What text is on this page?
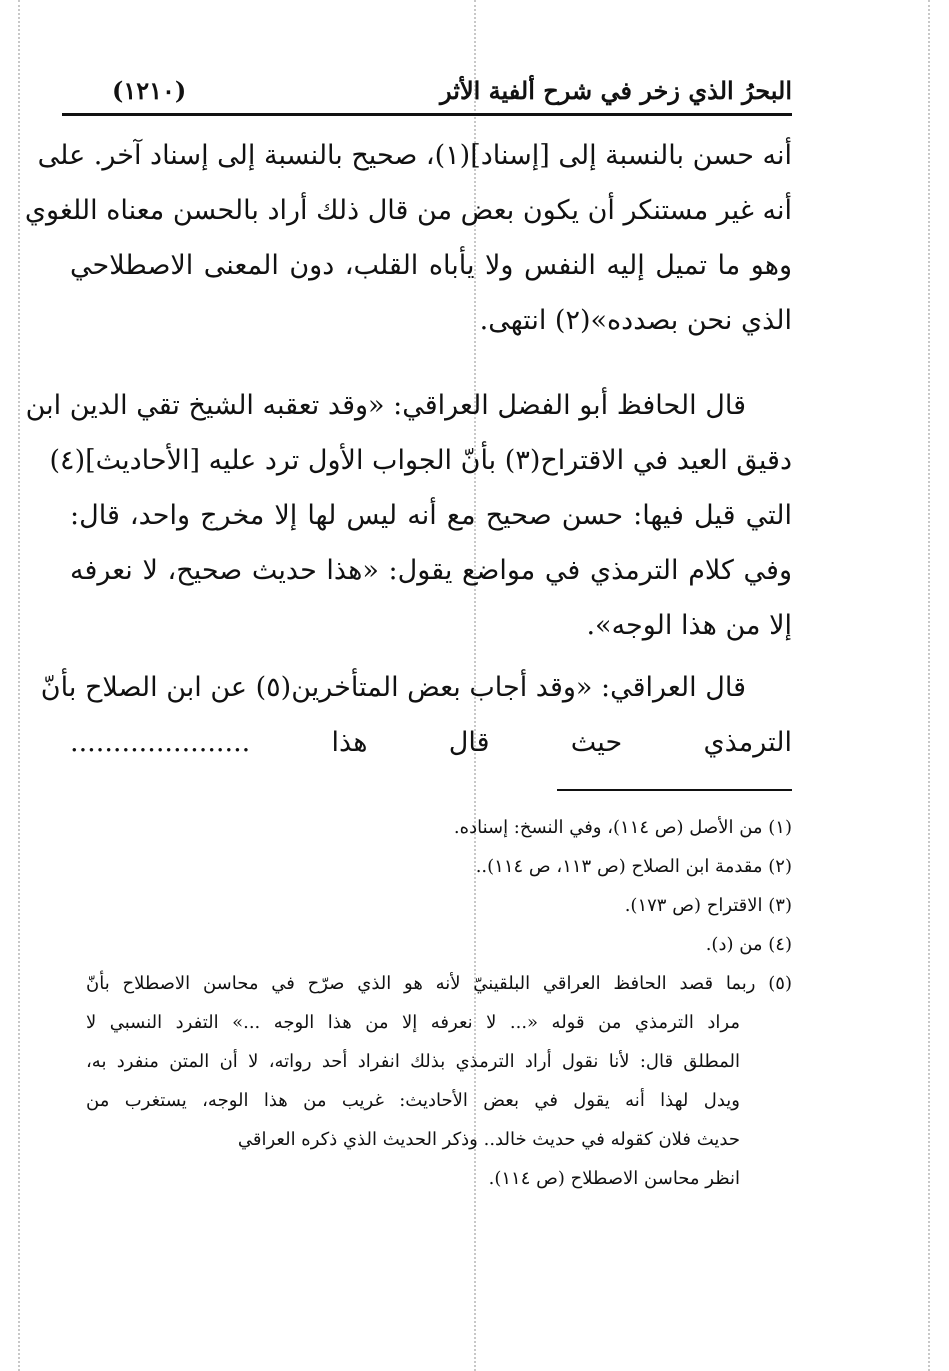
البحرُ الذي زخر في شرح ألفية الأثر
(١٢١٠)
أنه حسن بالنسبة إلى [إسناد](١)، صحيح بالنسبة إلى إسناد آخر. على
أنه غير مستنكر أن يكون بعض من قال ذلك أراد بالحسن معناه اللغوي
وهو ما تميل إليه النفس ولا يأباه القلب، دون المعنى الاصطلاحي
الذي نحن بصدده»(٢) انتهى.
قال الحافظ أبو الفضل العراقي: «وقد تعقبه الشيخ تقي الدين ابن
دقيق العيد في الاقتراح(٣) بأنّ الجواب الأول ترد عليه [الأحاديث](٤)
التي قيل فيها: حسن صحيح مع أنه ليس لها إلا مخرج واحد، قال:
وفي كلام الترمذي في مواضع يقول: «هذا حديث صحيح، لا نعرفه
إلا من هذا الوجه».
قال العراقي: «وقد أجاب بعض المتأخرين(٥) عن ابن الصلاح بأنّ
الترمذي حيث قال هذا .....................
(١) من الأصل (ص ١١٤)، وفي النسخ: إسناده.
(٢) مقدمة ابن الصلاح (ص ١١٣، ص ١١٤)..
(٣) الاقتراح (ص ١٧٣).
(٤) من (د).
(٥) ربما قصد الحافظ العراقي البلقينيّ لأنه هو الذي صرّح في محاسن الاصطلاح بأنّ
مراد الترمذي من قوله «... لا نعرفه إلا من هذا الوجه ...» التفرد النسبي لا
المطلق قال: لأنا نقول أراد الترمذي بذلك انفراد أحد رواته، لا أن المتن منفرد به،
ويدل لهذا أنه يقول في بعض الأحاديث: غريب من هذا الوجه، يستغرب من
حديث فلان كقوله في حديث خالد.. وذكر الحديث الذي ذكره العراقي
انظر محاسن الاصطلاح (ص ١١٤).
